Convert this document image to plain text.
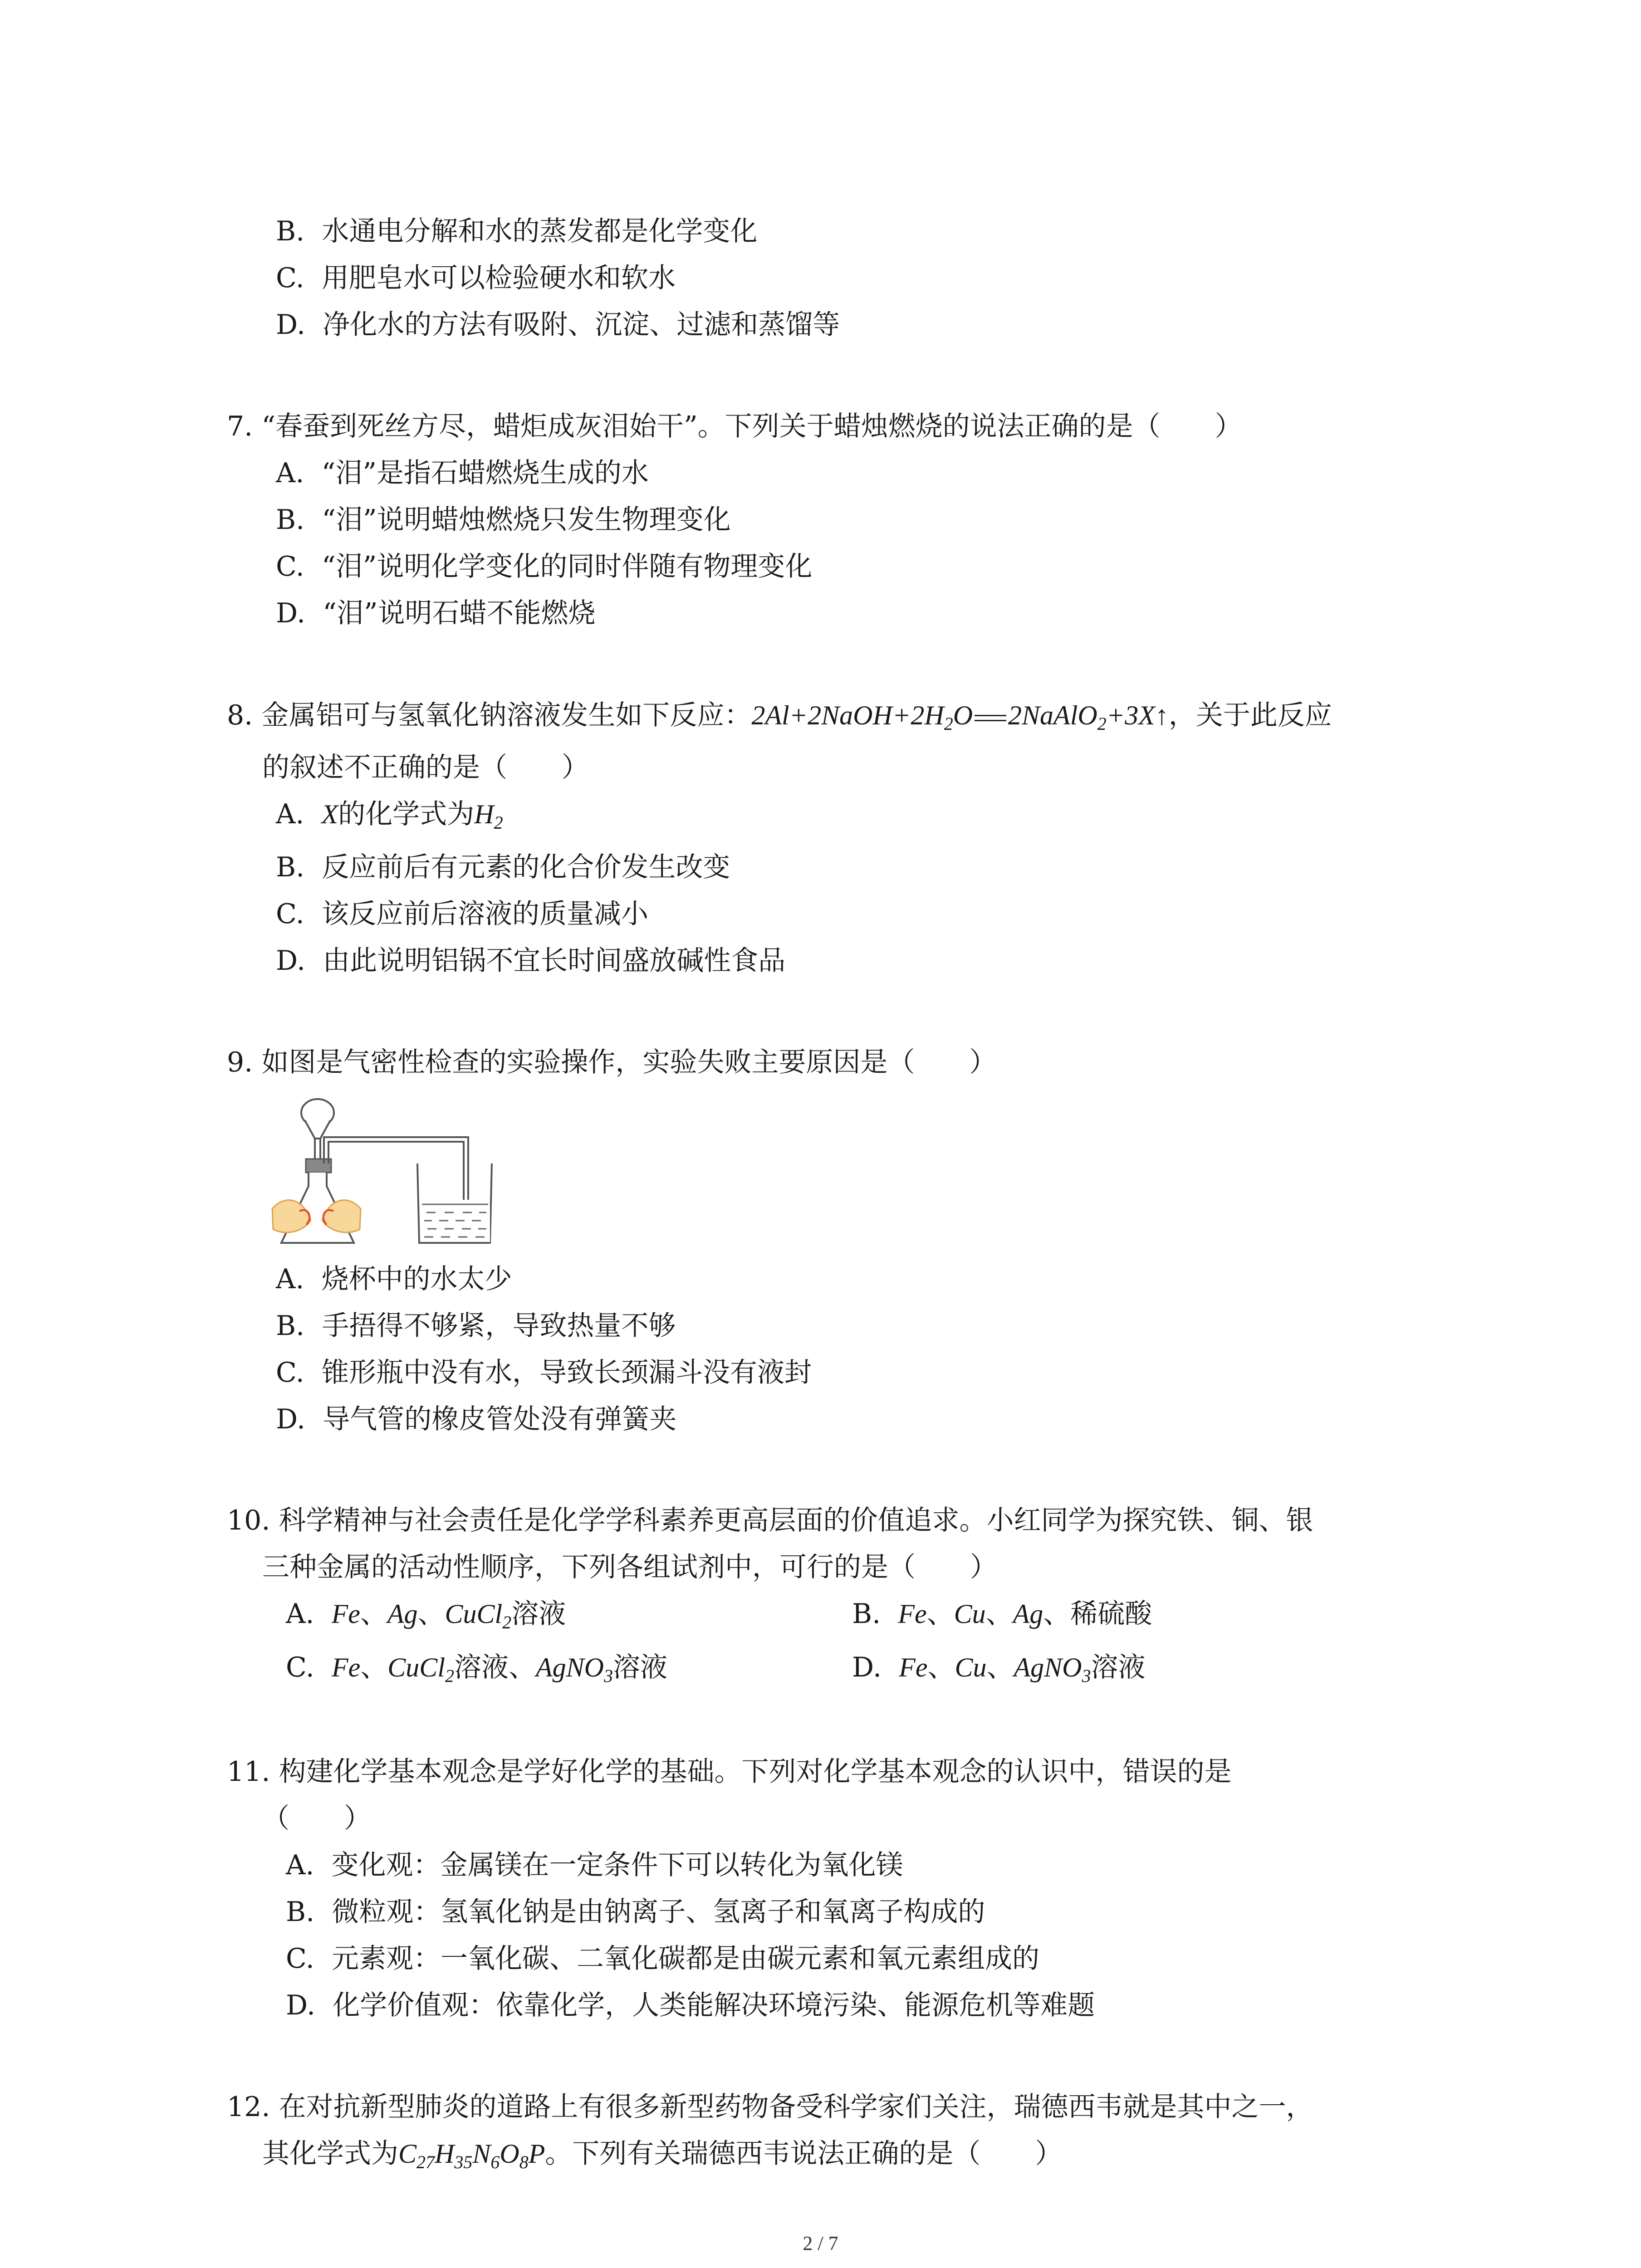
B. 水通电分解和水的蒸发都是化学变化
C. 用肥皂水可以检验硬水和软水
D. 净化水的方法有吸附、沉淀、过滤和蒸馏等
7. “春蚕到死丝方尽，蜡炬成灰泪始干”。下列关于蜡烛燃烧的说法正确的是（　　）
A. “泪”是指石蜡燃烧生成的水
B. “泪”说明蜡烛燃烧只发生物理变化
C. “泪”说明化学变化的同时伴随有物理变化
D. “泪”说明石蜡不能燃烧
8. 金属铝可与氢氧化钠溶液发生如下反应：$2Al+2NaOH+2H_2O$ 2NaAlO$_2$+3X↑，关于此反应
的叙述不正确的是（　　）
A. X的化学式为$H_2$
B. 反应前后有元素的化合价发生改变
C. 该反应前后溶液的质量减小
D. 由此说明铝锅不宜长时间盛放碱性食品
9. 如图是气密性检查的实验操作，实验失败主要原因是（　　）
A. 烧杯中的水太少
B. 手捂得不够紧，导致热量不够
C. 锥形瓶中没有水，导致长颈漏斗没有液封
D. 导气管的橡皮管处没有弹簧夹
10. 科学精神与社会责任是化学学科素养更高层面的价值追求。小红同学为探究铁、铜、银
三种金属的活动性顺序，下列各组试剂中，可行的是（　　）
A. Fe、Ag、CuCl$_2$溶液	B. Fe、Cu、Ag、稀硫酸
C. Fe、CuCl$_2$溶液、AgNO$_3$溶液	D. Fe、Cu、AgNO$_3$溶液
11. 构建化学基本观念是学好化学的基础。下列对化学基本观念的认识中，错误的是
（　　）
A. 变化观：金属镁在一定条件下可以转化为氧化镁
B. 微粒观：氢氧化钠是由钠离子、氢离子和氧离子构成的
C. 元素观：一氧化碳、二氧化碳都是由碳元素和氧元素组成的
D. 化学价值观：依靠化学，人类能解决环境污染、能源危机等难题
12. 在对抗新型肺炎的道路上有很多新型药物备受科学家们关注，瑞德西韦就是其中之一，
其化学式为$C_{27}H_{35}N_6O_8P$。下列有关瑞德西韦说法正确的是（　　）
2 / 7
